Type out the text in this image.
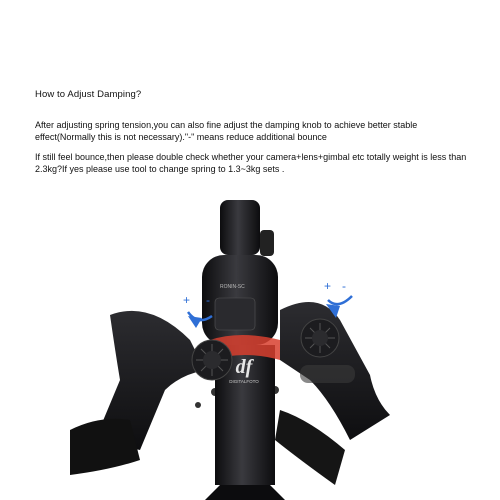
How to Adjust Damping?
After adjusting spring tension,you can also fine adjust the damping knob to achieve better stable effect(Normally this is not necessary)."-" means reduce additional bounce
If still feel bounce,then please double check whether your camera+lens+gimbal etc totally weight is less than 2.3kg?If yes please use tool to change spring to 1.3~3kg sets .
RONIN-SC
df
DIGITALFOTO
+ -
+ -
